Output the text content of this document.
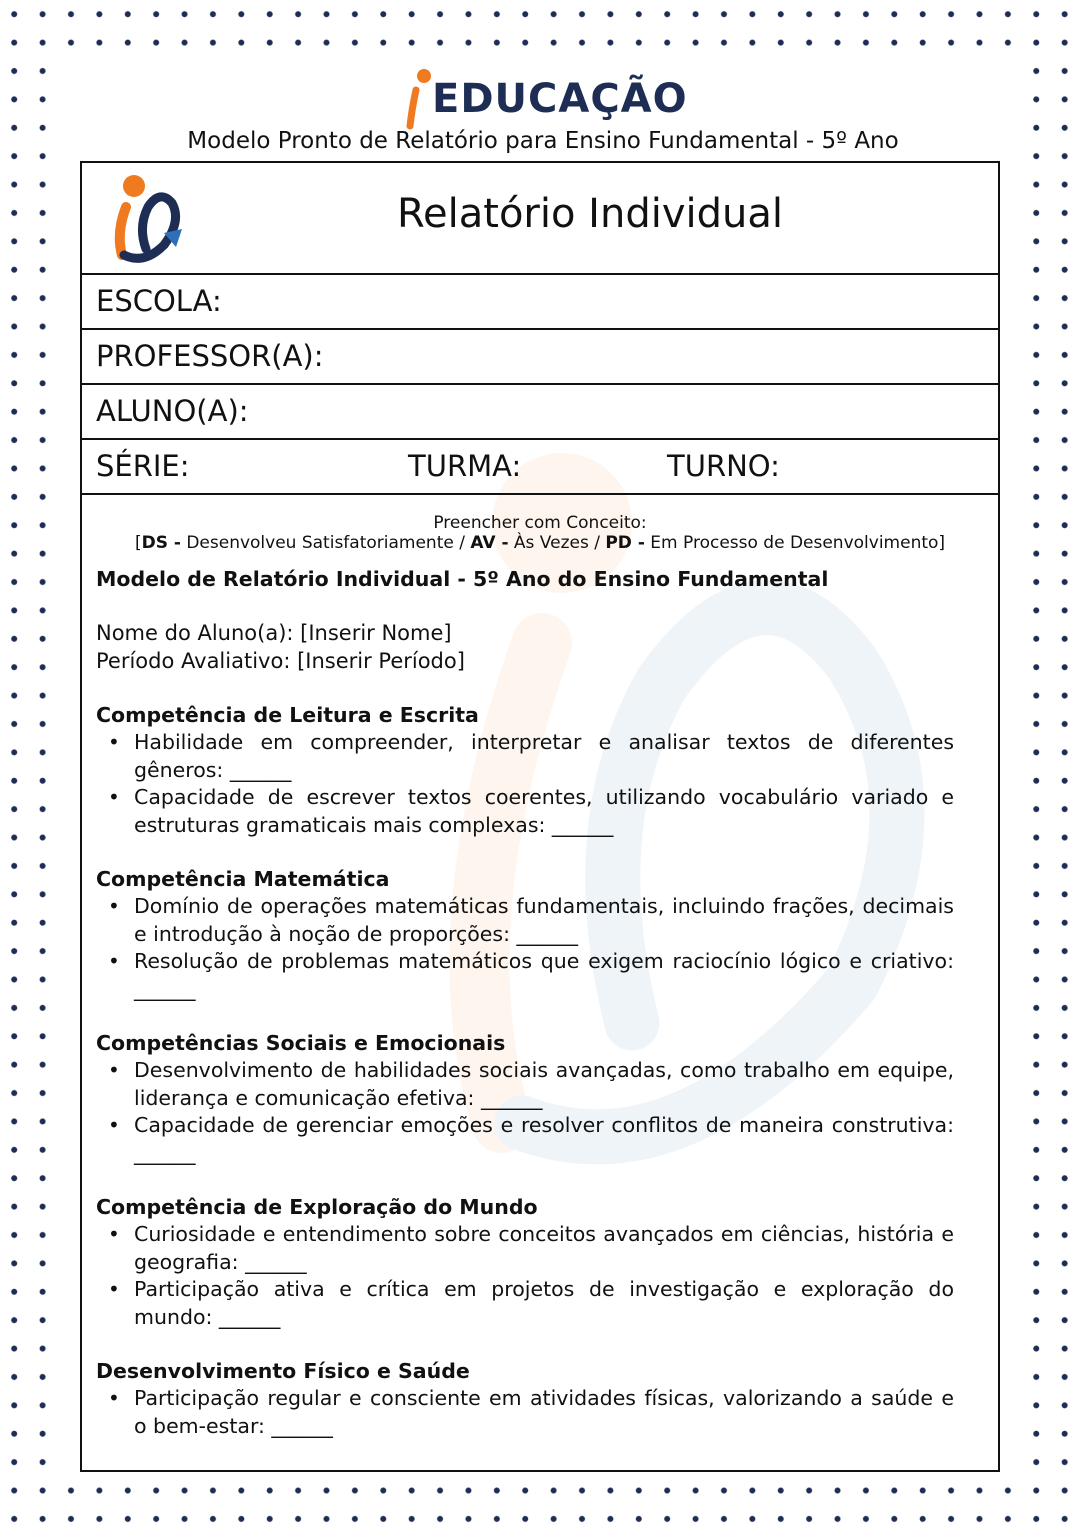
EDUCAÇÃO
Modelo Pronto de Relatório para Ensino Fundamental - 5º Ano
Relatório Individual
ESCOLA:
PROFESSOR(A):
ALUNO(A):
SÉRIE:	TURMA:	TURNO:
Preencher com Conceito:
[DS - Desenvolveu Satisfatoriamente / AV - Às Vezes / PD - Em Processo de Desenvolvimento]
Modelo de Relatório Individual - 5º Ano do Ensino Fundamental
Nome do Aluno(a): [Inserir Nome]
Período Avaliativo: [Inserir Período]
Competência de Leitura e Escrita
• Habilidade em compreender, interpretar e analisar textos de diferentes gêneros: ______
• Capacidade de escrever textos coerentes, utilizando vocabulário variado e estruturas gramaticais mais complexas: ______
Competência Matemática
• Domínio de operações matemáticas fundamentais, incluindo frações, decimais e introdução à noção de proporções: ______
• Resolução de problemas matemáticos que exigem raciocínio lógico e criativo: ______
Competências Sociais e Emocionais
• Desenvolvimento de habilidades sociais avançadas, como trabalho em equipe, liderança e comunicação efetiva: ______
• Capacidade de gerenciar emoções e resolver conflitos de maneira construtiva: ______
Competência de Exploração do Mundo
• Curiosidade e entendimento sobre conceitos avançados em ciências, história e geografia: ______
• Participação ativa e crítica em projetos de investigação e exploração do mundo: ______
Desenvolvimento Físico e Saúde
• Participação regular e consciente em atividades físicas, valorizando a saúde e o bem-estar: ______
